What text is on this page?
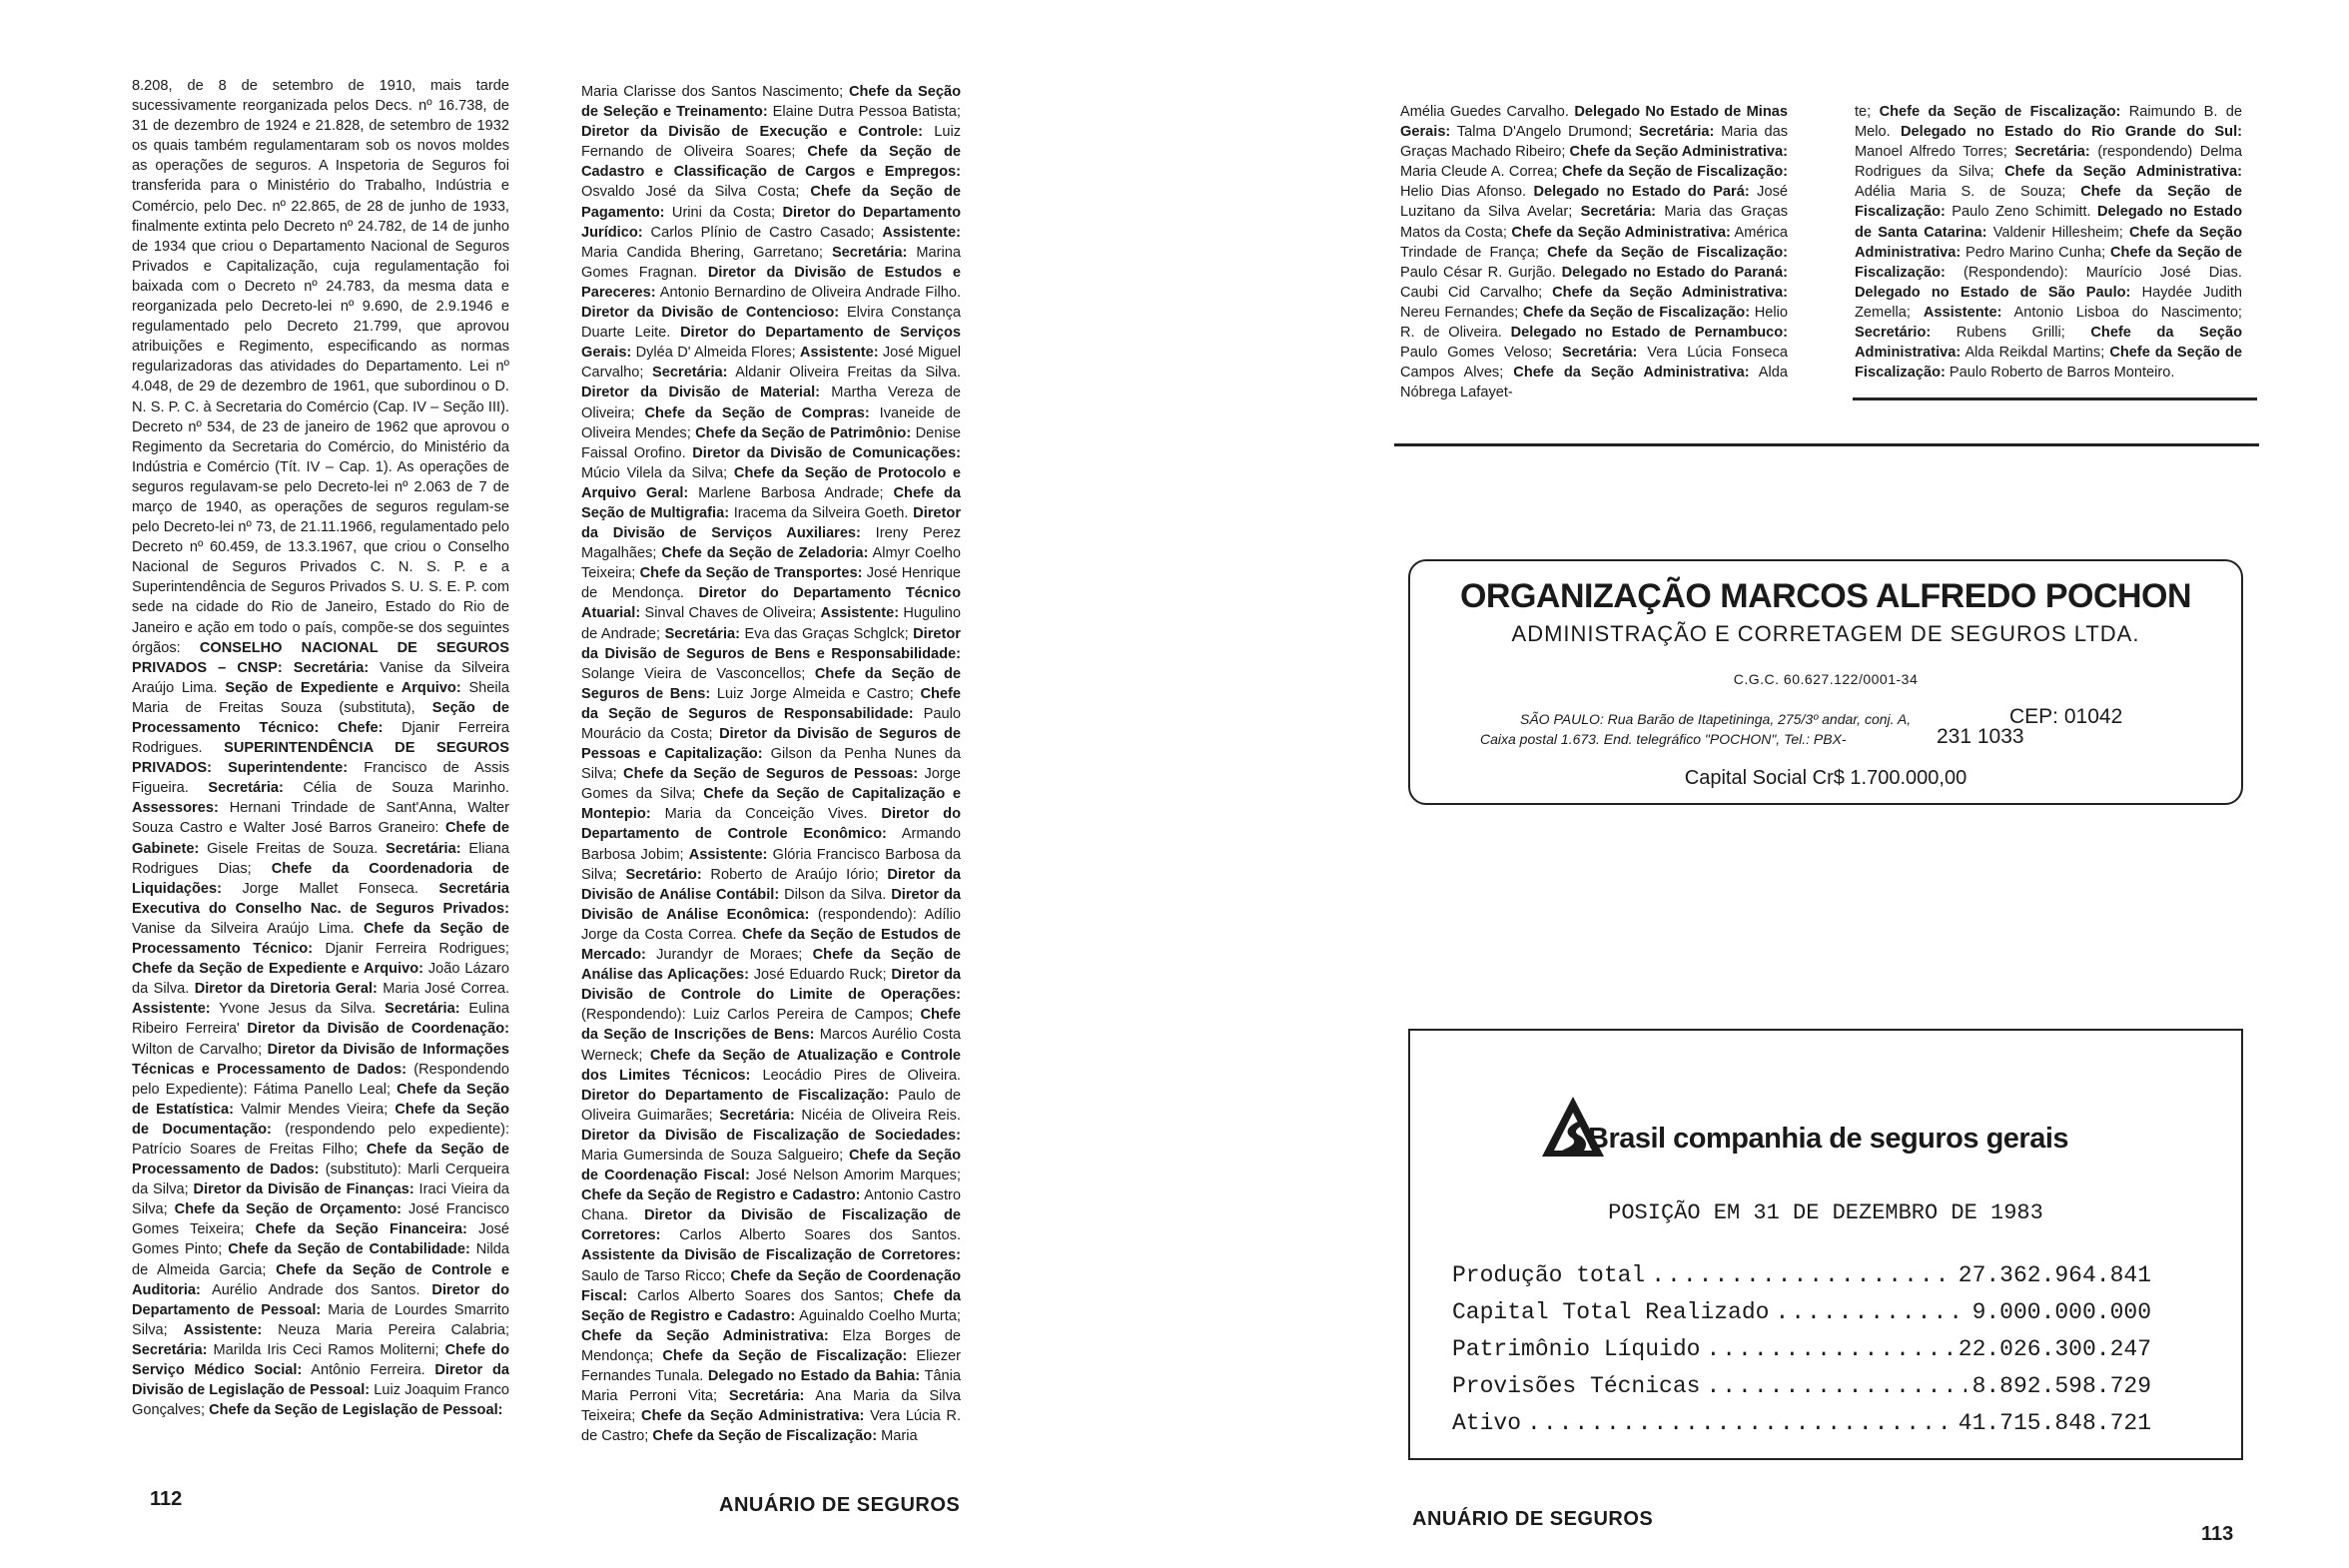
8.208, de 8 de setembro de 1910, mais tarde sucessivamente reorganizada pelos Decs. nº 16.738, de 31 de dezembro de 1924 e 21.828, de setembro de 1932 os quais também regulamentaram sob os novos moldes as operações de seguros. A Inspetoria de Seguros foi transferida para o Ministério do Trabalho, Indústria e Comércio, pelo Dec. nº 22.865, de 28 de junho de 1933, finalmente extinta pelo Decreto nº 24.782, de 14 de junho de 1934 que criou o Departamento Nacional de Seguros Privados e Capitalização, cuja regulamentação foi baixada com o Decreto nº 24.783, da mesma data e reorganizada pelo Decreto-lei nº 9.690, de 2.9.1946 e regulamentado pelo Decreto 21.799, que aprovou atribuições e Regimento, especificando as normas regularizadoras das atividades do Departamento. Lei nº 4.048, de 29 de dezembro de 1961, que subordinou o D. N. S. P. C. à Secretaria do Comércio (Cap. IV – Seção III). Decreto nº 534, de 23 de janeiro de 1962 que aprovou o Regimento da Secretaria do Comércio, do Ministério da Indústria e Comércio (Tít. IV – Cap. 1). As operações de seguros regulavam-se pelo Decreto-lei nº 2.063 de 7 de março de 1940, as operações de seguros regulam-se pelo Decreto-lei nº 73, de 21.11.1966, regulamentado pelo Decreto nº 60.459, de 13.3.1967, que criou o Conselho Nacional de Seguros Privados C. N. S. P. e a Superintendência de Seguros Privados S. U. S. E. P. com sede na cidade do Rio de Janeiro, Estado do Rio de Janeiro e ação em todo o país, compõe-se dos seguintes órgãos: CONSELHO NACIONAL DE SEGUROS PRIVADOS – CNSP: Secretária: Vanise da Silveira Araújo Lima. Seção de Expediente e Arquivo: Sheila Maria de Freitas Souza (substituta), Seção de Processamento Técnico: Chefe: Djanir Ferreira Rodrigues. SUPERINTENDÊNCIA DE SEGUROS PRIVADOS: Superintendente: Francisco de Assis Figueira. Secretária: Célia de Souza Marinho. Assessores: Hernani Trindade de Sant'Anna, Walter Souza Castro e Walter José Barros Graneiro: Chefe de Gabinete: Gisele Freitas de Souza. Secretária: Eliana Rodrigues Dias; Chefe da Coordenadoria de Liquidações: Jorge Mallet Fonseca. Secretária Executiva do Conselho Nac. de Seguros Privados: Vanise da Silveira Araújo Lima. Chefe da Seção de Processamento Técnico: Djanir Ferreira Rodrigues; Chefe da Seção de Expediente e Arquivo: João Lázaro da Silva. Diretor da Diretoria Geral: Maria José Correa. Assistente: Yvone Jesus da Silva. Secretária: Eulina Ribeiro Ferreira' Diretor da Divisão de Coordenação: Wilton de Carvalho; Diretor da Divisão de Informações Técnicas e Processamento de Dados: (Respondendo pelo Expediente): Fátima Panello Leal; Chefe da Seção de Estatística: Valmir Mendes Vieira; Chefe da Seção de Documentação: (respondendo pelo expediente): Patrício Soares de Freitas Filho; Chefe da Seção de Processamento de Dados: (substituto): Marli Cerqueira da Silva; Diretor da Divisão de Finanças: Iraci Vieira da Silva; Chefe da Seção de Orçamento: José Francisco Gomes Teixeira; Chefe da Seção Financeira: José Gomes Pinto; Chefe da Seção de Contabilidade: Nilda de Almeida Garcia; Chefe da Seção de Controle e Auditoria: Aurélio Andrade dos Santos. Diretor do Departamento de Pessoal: Maria de Lourdes Smarrito Silva; Assistente: Neuza Maria Pereira Calabria; Secretária: Marilda Iris Ceci Ramos Moliterni; Chefe do Serviço Médico Social: Antônio Ferreira. Diretor da Divisão de Legislação de Pessoal: Luiz Joaquim Franco Gonçalves; Chefe da Seção de Legislação de Pessoal:

Maria Clarisse dos Santos Nascimento; Chefe da Seção de Seleção e Treinamento: Elaine Dutra Pessoa Batista; Diretor da Divisão de Execução e Controle: Luiz Fernando de Oliveira Soares; Chefe da Seção de Cadastro e Classificação de Cargos e Empregos: Osvaldo José da Silva Costa; Chefe da Seção de Pagamento: Urini da Costa; Diretor do Departamento Jurídico: Carlos Plínio de Castro Casado; Assistente: Maria Candida Bhering, Garretano; Secretária: Marina Gomes Fragnan. Diretor da Divisão de Estudos e Pareceres: Antonio Bernardino de Oliveira Andrade Filho. Diretor da Divisão de Contencioso: Elvira Constança Duarte Leite. Diretor do Departamento de Serviços Gerais: Dyléa D' Almeida Flores; Assistente: José Miguel Carvalho; Secretária: Aldanir Oliveira Freitas da Silva. Diretor da Divisão de Material: Martha Vereza de Oliveira; Chefe da Seção de Compras: Ivaneide de Oliveira Mendes; Chefe da Seção de Patrimônio: Denise Faissal Orofino. Diretor da Divisão de Comunicações: Múcio Vilela da Silva; Chefe da Seção de Protocolo e Arquivo Geral: Marlene Barbosa Andrade; Chefe da Seção de Multigrafia: Iracema da Silveira Goeth. Diretor da Divisão de Serviços Auxiliares: Ireny Perez Magalhães; Chefe da Seção de Zeladoria: Almyr Coelho Teixeira; Chefe da Seção de Transportes: José Henrique de Mendonça. Diretor do Departamento Técnico Atuarial: Sinval Chaves de Oliveira; Assistente: Hugulino de Andrade; Secretária: Eva das Graças Schglck; Diretor da Divisão de Seguros de Bens e Responsabilidade: Solange Vieira de Vasconcellos; Chefe da Seção de Seguros de Bens: Luiz Jorge Almeida e Castro; Chefe da Seção de Seguros de Responsabilidade: Paulo Mourácio da Costa; Diretor da Divisão de Seguros de Pessoas e Capitalização: Gilson da Penha Nunes da Silva; Chefe da Seção de Seguros de Pessoas: Jorge Gomes da Silva; Chefe da Seção de Capitalização e Montepio: Maria da Conceição Vives. Diretor do Departamento de Controle Econômico: Armando Barbosa Jobim; Assistente: Glória Francisco Barbosa da Silva; Secretário: Roberto de Araújo Iório; Diretor da Divisão de Análise Contábil: Dilson da Silva. Diretor da Divisão de Análise Econômica: (respondendo): Adílio Jorge da Costa Correa. Chefe da Seção de Estudos de Mercado: Jurandyr de Moraes; Chefe da Seção de Análise das Aplicações: José Eduardo Ruck; Diretor da Divisão de Controle do Limite de Operações: (Respondendo): Luiz Carlos Pereira de Campos; Chefe da Seção de Inscrições de Bens: Marcos Aurélio Costa Werneck; Chefe da Seção de Atualização e Controle dos Limites Técnicos: Leocádio Pires de Oliveira. Diretor do Departamento de Fiscalização: Paulo de Oliveira Guimarães; Secretária: Nicéia de Oliveira Reis. Diretor da Divisão de Fiscalização de Sociedades: Maria Gumersinda de Souza Salgueiro; Chefe da Seção de Coordenação Fiscal: José Nelson Amorim Marques; Chefe da Seção de Registro e Cadastro: Antonio Castro Chana. Diretor da Divisão de Fiscalização de Corretores: Carlos Alberto Soares dos Santos. Assistente da Divisão de Fiscalização de Corretores: Saulo de Tarso Ricco; Chefe da Seção de Coordenação Fiscal: Carlos Alberto Soares dos Santos; Chefe da Seção de Registro e Cadastro: Aguinaldo Coelho Murta; Chefe da Seção Administrativa: Elza Borges de Mendonça; Chefe da Seção de Fiscalização: Eliezer Fernandes Tunala. Delegado no Estado da Bahia: Tânia Maria Perroni Vita; Secretária: Ana Maria da Silva Teixeira; Chefe da Seção Administrativa: Vera Lúcia R. de Castro; Chefe da Seção de Fiscalização: Maria

112	ANUÁRIO DE SEGUROS

Amélia Guedes Carvalho. Delegado No Estado de Minas Gerais: Talma D'Angelo Drumond; Secretária: Maria das Graças Machado Ribeiro; Chefe da Seção Administrativa: Maria Cleude A. Correa; Chefe da Seção de Fiscalização: Helio Dias Afonso. Delegado no Estado do Pará: José Luzitano da Silva Avelar; Secretária: Maria das Graças Matos da Costa; Chefe da Seção Administrativa: América Trindade de França; Chefe da Seção de Fiscalização: Paulo César R. Gurjão. Delegado no Estado do Paraná: Caubi Cid Carvalho; Chefe da Seção Administrativa: Nereu Fernandes; Chefe da Seção de Fiscalização: Helio R. de Oliveira. Delegado no Estado de Pernambuco: Paulo Gomes Veloso; Secretária: Vera Lúcia Fonseca Campos Alves; Chefe da Seção Administrativa: Alda Nóbrega Lafayet-

te; Chefe da Seção de Fiscalização: Raimundo B. de Melo. Delegado no Estado do Rio Grande do Sul: Manoel Alfredo Torres; Secretária: (respondendo) Delma Rodrigues da Silva; Chefe da Seção Administrativa: Adélia Maria S. de Souza; Chefe da Seção de Fiscalização: Paulo Zeno Schimitt. Delegado no Estado de Santa Catarina: Valdenir Hillesheim; Chefe da Seção Administrativa: Pedro Marino Cunha; Chefe da Seção de Fiscalização: (Respondendo): Maurício José Dias. Delegado no Estado de São Paulo: Haydée Judith Zemella; Assistente: Antonio Lisboa do Nascimento; Secretário: Rubens Grilli; Chefe da Seção Administrativa: Alda Reikdal Martins; Chefe da Seção de Fiscalização: Paulo Roberto de Barros Monteiro.

ORGANIZAÇÃO MARCOS ALFREDO POCHON
ADMINISTRAÇÃO E CORRETAGEM DE SEGUROS LTDA.
C.G.C. 60.627.122/0001-34
SÃO PAULO: Rua Barão de Itapetininga, 275/3º andar, conj. A,	CEP: 01042
Caixa postal 1.673. End. telegráfico "POCHON", Tel.: PBX-	231 1033
Capital Social Cr$ 1.700.000,00
Brasil companhia de seguros gerais
POSIÇÃO EM 31 DE DEZEMBRO DE 1983
Produção total .....	27.362.964.841
Capital Total Realizado .....	9.000.000.000
Patrimônio Líquido .....	22.026.300.247
Provisões Técnicas .....	8.892.598.729
Ativo .....	41.715.848.721
113
ANUÁRIO DE SEGUROS
